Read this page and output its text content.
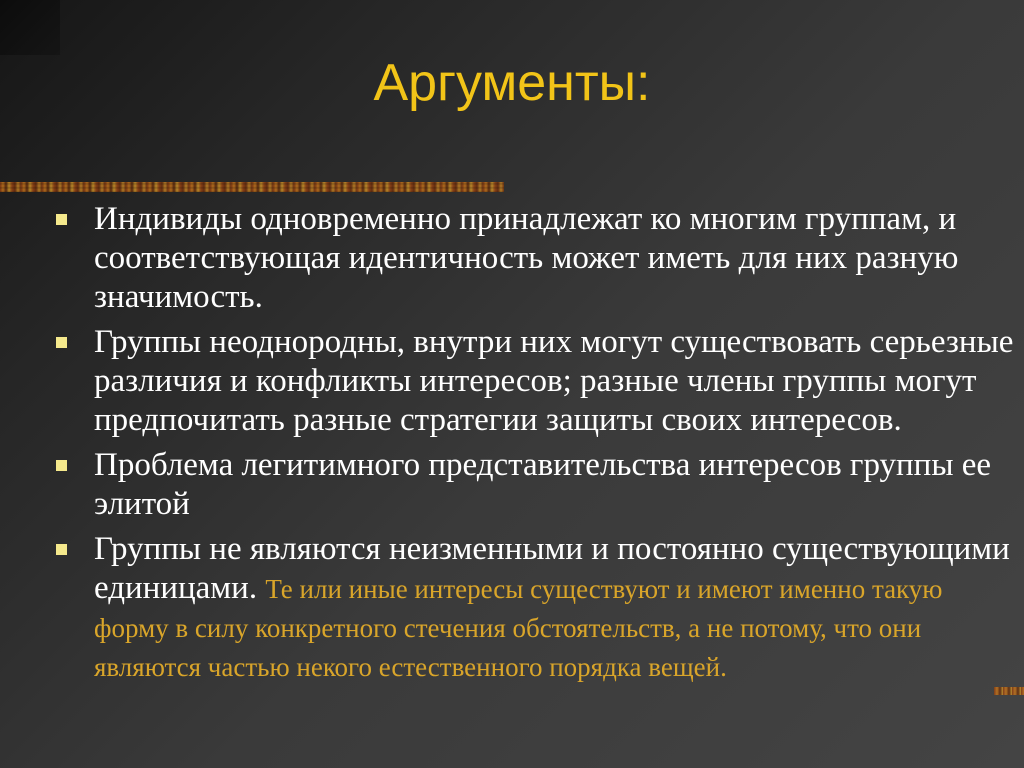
Аргументы:
Индивиды одновременно принадлежат ко многим группам, и соответствующая идентичность может иметь для них разную значимость.
Группы неоднородны, внутри них могут существовать серьезные различия и конфликты интересов; разные члены группы могут предпочитать разные стратегии защиты своих интересов.
Проблема легитимного представительства интересов группы ее элитой
Группы не являются неизменными и постоянно существующими единицами. Те или иные интересы существуют и имеют именно такую форму в силу конкретного стечения обстоятельств, а не потому, что они являются частью некого естественного порядка вещей.
